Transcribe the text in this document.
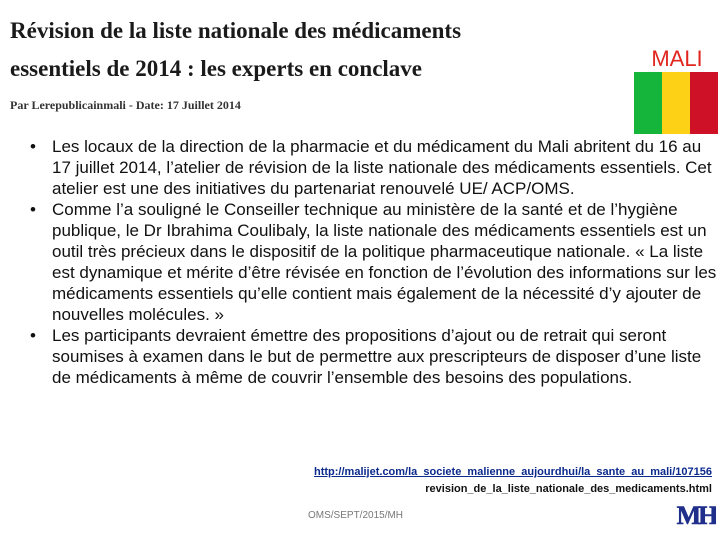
Révision de la liste nationale des médicaments
essentiels de 2014 : les experts en conclave	MALI
Par Lerepublicainmali - Date: 17 Juillet 2014
• Les locaux de la direction de la pharmacie et du médicament du Mali abritent du 16 au 17 juillet 2014, l’atelier de révision de la liste nationale des médicaments essentiels. Cet atelier est une des initiatives du partenariat renouvelé UE/ ACP/OMS.
• Comme l’a souligné le Conseiller technique au ministère de la santé et de l’hygiène publique, le Dr Ibrahima Coulibaly, la liste nationale des médicaments essentiels est un outil très précieux dans le dispositif de la politique pharmaceutique nationale. « La liste est dynamique et mérite d’être révisée en fonction de l’évolution des informations sur les médicaments essentiels qu’elle contient mais également de la nécessité d’y ajouter de nouvelles molécules. »
• Les participants devraient émettre des propositions d’ajout ou de retrait qui seront soumises à examen dans le but de permettre aux prescripteurs de disposer d’une liste de médicaments à même de couvrir l’ensemble des besoins des populations.
http://malijet.com/la_societe_malienne_aujourdhui/la_sante_au_mali/107156
revision_de_la_liste_nationale_des_medicaments.html
OMS/SEPT/2015/MH	MH
